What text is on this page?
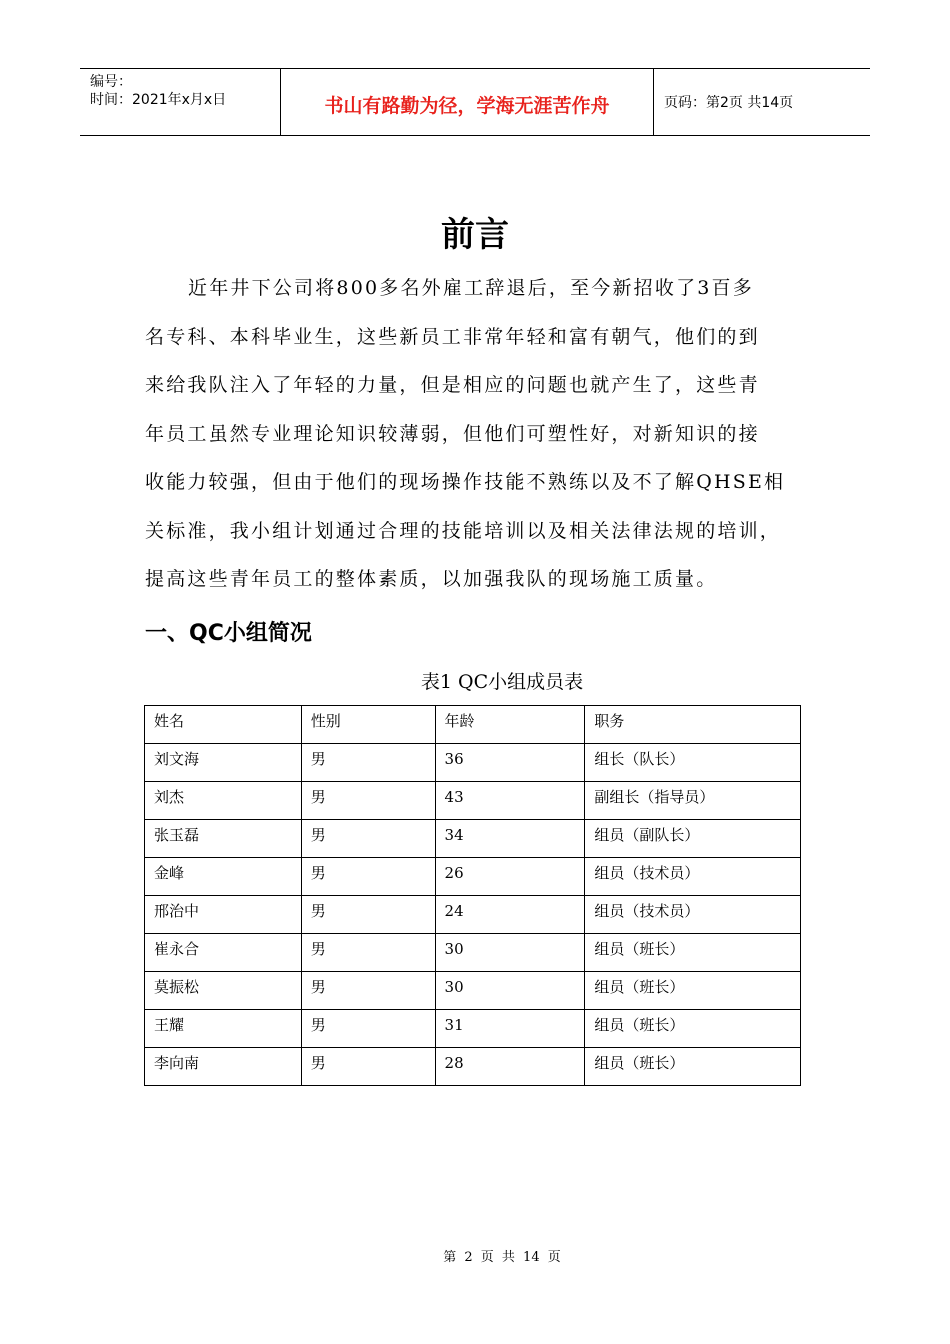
编号：
时间：2021年x月x日	书山有路勤为径，学海无涯苦作舟	页码：第2页 共14页
前言

近年井下公司将800多名外雇工辞退后，至今新招收了3百多

名专科、本科毕业生，这些新员工非常年轻和富有朝气，他们的到

来给我队注入了年轻的力量，但是相应的问题也就产生了，这些青

年员工虽然专业理论知识较薄弱，但他们可塑性好，对新知识的接

收能力较强，但由于他们的现场操作技能不熟练以及不了解QHSE相

关标准，我小组计划通过合理的技能培训以及相关法律法规的培训，

提高这些青年员工的整体素质，以加强我队的现场施工质量。

一、QC小组简况
表1 QC小组成员表
姓名	性别	年龄	职务
刘文海	男	36	组长（队长）
刘杰	男	43	副组长（指导员）
张玉磊	男	34	组员（副队长）
金峰	男	26	组员（技术员）
邢治中	男	24	组员（技术员）
崔永合	男	30	组员（班长）
莫振松	男	30	组员（班长）
王耀	男	31	组员（班长）
李向南	男	28	组员（班长）
第 2 页 共 14 页
